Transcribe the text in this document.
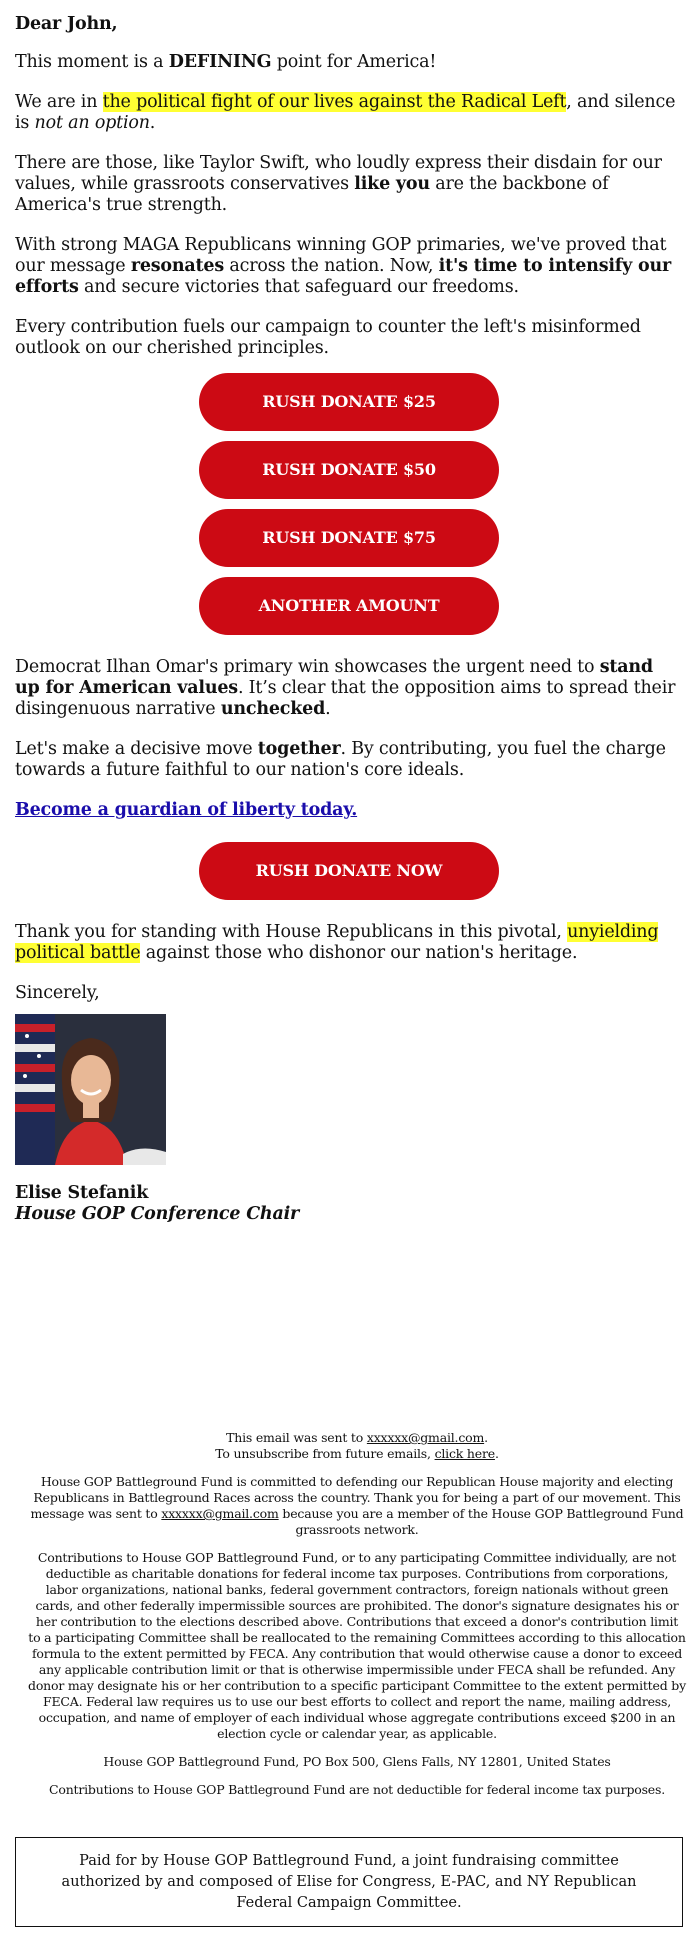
Dear John,

This moment is a DEFINING point for America!

We are in the political fight of our lives against the Radical Left, and silence is not an option.

There are those, like Taylor Swift, who loudly express their disdain for our values, while grassroots conservatives like you are the backbone of America's true strength.

With strong MAGA Republicans winning GOP primaries, we've proved that our message resonates across the nation. Now, it's time to intensify our efforts and secure victories that safeguard our freedoms.

Every contribution fuels our campaign to counter the left's misinformed outlook on our cherished principles.

RUSH DONATE $25
RUSH DONATE $50
RUSH DONATE $75
ANOTHER AMOUNT

Democrat Ilhan Omar's primary win showcases the urgent need to stand up for American values. It’s clear that the opposition aims to spread their disingenuous narrative unchecked.

Let's make a decisive move together. By contributing, you fuel the charge towards a future faithful to our nation's core ideals.

Become a guardian of liberty today.

RUSH DONATE NOW

Thank you for standing with House Republicans in this pivotal, unyielding political battle against those who dishonor our nation's heritage.

Sincerely,

Elise Stefanik
House GOP Conference Chair
This email was sent to xxxxxx@gmail.com.

To unsubscribe from future emails, click here.

House GOP Battleground Fund is committed to defending our Republican House majority and electing Republicans in Battleground Races across the country. Thank you for being a part of our movement. This message was sent to xxxxxx@gmail.com because you are a member of the House GOP Battleground Fund grassroots network.

Contributions to House GOP Battleground Fund, or to any participating Committee individually, are not deductible as charitable donations for federal income tax purposes. Contributions from corporations, labor organizations, national banks, federal government contractors, foreign nationals without green cards, and other federally impermissible sources are prohibited. The donor's signature designates his or her contribution to the elections described above. Contributions that exceed a donor's contribution limit to a participating Committee shall be reallocated to the remaining Committees according to this allocation formula to the extent permitted by FECA. Any contribution that would otherwise cause a donor to exceed any applicable contribution limit or that is otherwise impermissible under FECA shall be refunded. Any donor may designate his or her contribution to a specific participant Committee to the extent permitted by FECA. Federal law requires us to use our best efforts to collect and report the name, mailing address, occupation, and name of employer of each individual whose aggregate contributions exceed $200 in an election cycle or calendar year, as applicable.

House GOP Battleground Fund, PO Box 500, Glens Falls, NY 12801, United States

Contributions to House GOP Battleground Fund are not deductible for federal income tax purposes.

Paid for by House GOP Battleground Fund, a joint fundraising committee authorized by and composed of Elise for Congress, E-PAC, and NY Republican Federal Campaign Committee.
